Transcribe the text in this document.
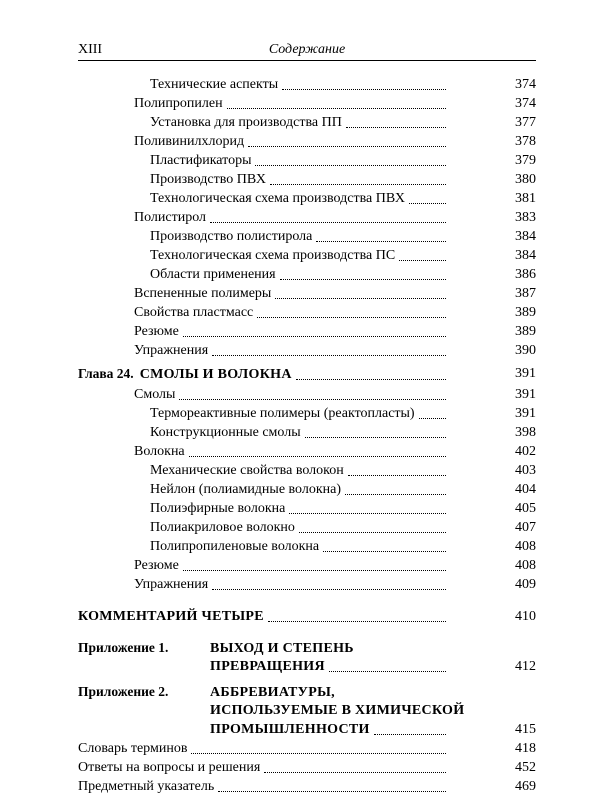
XIII	Содержание
Технические аспекты	374
Полипропилен	374
Установка для производства ПП	377
Поливинилхлорид	378
Пластификаторы	379
Производство ПВХ	380
Технологическая схема производства ПВХ	381
Полистирол	383
Производство полистирола	384
Технологическая схема производства ПС	384
Области применения	386
Вспененные полимеры	387
Свойства пластмасс	389
Резюме	389
Упражнения	390
Глава 24. СМОЛЫ И ВОЛОКНА	391
Смолы	391
Термореактивные полимеры (реактопласты)	391
Конструкционные смолы	398
Волокна	402
Механические свойства волокон	403
Нейлон (полиамидные волокна)	404
Полиэфирные волокна	405
Полиакриловое волокно	407
Полипропиленовые волокна	408
Резюме	408
Упражнения	409
КОММЕНТАРИЙ ЧЕТЫРЕ	410
Приложение 1.	ВЫХОД И СТЕПЕНЬ
ПРЕВРАЩЕНИЯ	412
Приложение 2.	АББРЕВИАТУРЫ,
ИСПОЛЬЗУЕМЫЕ В ХИМИЧЕСКОЙ
ПРОМЫШЛЕННОСТИ	415
Словарь терминов	418
Ответы на вопросы и решения	452
Предметный указатель	469
